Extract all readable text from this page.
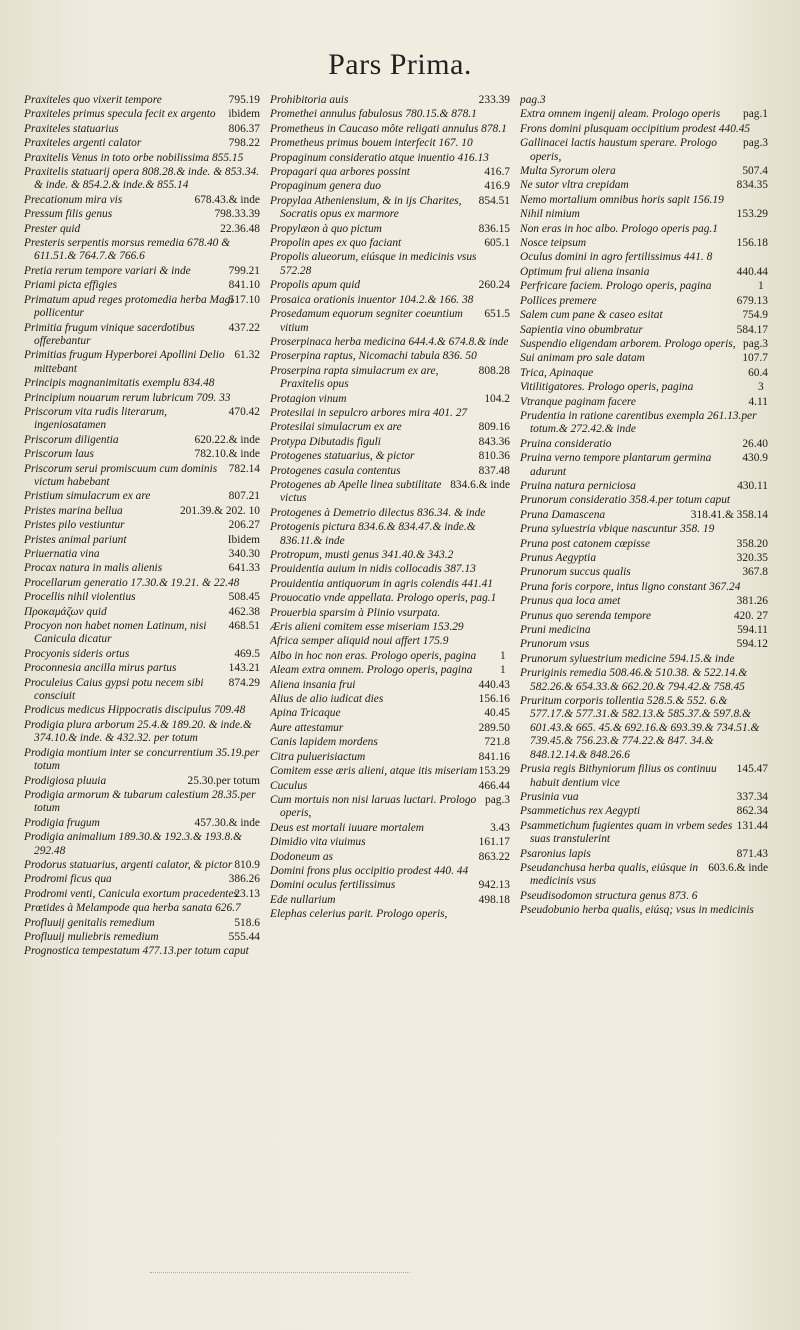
Pars Prima.
795.19
Praxiteles quo vixerit tempore
ibidem
Praxiteles primus specula fecit ex argento
806.37
Praxiteles statuarius
798.22
Praxiteles argenti calator
Praxitelis Venus in toto orbe nobilissima 855.15
Praxitelis statuarij opera 808.28.& inde. & 853.34. & inde. & 854.2.& inde.& 855.14
678.43.& inde
Precationum mira vis
798.33.39
Pressum filis genus
22.36.48
Prester quid
Presteris serpentis morsus remedia 678.40 & 611.51.& 764.7.& 766.6
799.21
Pretia rerum tempore variari & inde
841.10
Priami picta effigies
517.10
Primatum apud reges protomedia herba Magi pollicentur
437.22
Primitia frugum vinique sacerdotibus offerebantur
61.32
Primitias frugum Hyperborei Apollini Delio mittebant
Principis magnanimitatis exemplu 834.48
Principium nouarum rerum lubricum 709. 33
470.42
Priscorum vita rudis literarum, ingeniosatamen
620.22.& inde
Priscorum diligentia
782.10.& inde
Priscorum laus
782.14
Priscorum serui promiscuum cum dominis victum habebant
807.21
Pristium simulacrum ex are
201.39.& 202. 10
Pristes marina bellua
206.27
Pristes pilo vestiuntur
Ibidem
Pristes animal pariunt
340.30
Priuernatia vina
641.33
Procax natura in malis alienis
Procellarum generatio 17.30.& 19.21. & 22.48
508.45
Procellis nihil violentius
462.38
Προκαμάζων quid
468.51
Procyon non habet nomen Latinum, nisi Canicula dicatur
469.5
Procyonis sideris ortus
143.21
Proconnesia ancilla mirus partus
874.29
Proculeius Caius gypsi potu necem sibi consciuit
Prodicus medicus Hippocratis discipulus 709.48
Prodigia plura arborum 25.4.& 189.20. & inde.& 374.10.& inde. & 432.32. per totum
Prodigia montium inter se concurrentium 35.19.per totum
25.30.per totum
Prodigiosa pluuia
Prodigia armorum & tubarum calestium 28.35.per totum
457.30.& inde
Prodigia frugum
Prodigia animalium 189.30.& 192.3.& 193.8.& 292.48
810.9
Prodorus statuarius, argenti calator, & pictor
386.26
Prodromi ficus qua
23.13
Prodromi venti, Canicula exortum pracedentes
Prœtides à Melampode qua herba sanata 626.7
518.6
Profluuij genitalis remedium
555.44
Profluuij muliebris remedium
Prognostica tempestatum 477.13.per totum caput
233.39
Prohibitoria auis
Promethei annulus fabulosus 780.15.& 878.1
Prometheus in Caucaso môte religati annulus 878.1
Prometheus primus bouem interfecit 167. 10
Propaginum consideratio atque inuentio 416.13
416.7
Propagari qua arbores possint
416.9
Propaginum genera duo
854.51
Propylaa Atheniensium, & in ijs Charites, Socratis opus ex marmore
836.15
Propylæon à quo pictum
605.1
Propolin apes ex quo faciant
Propolis alueorum, eiúsque in medicinis vsus 572.28
260.24
Propolis apum quid
Prosaica orationis inuentor 104.2.& 166. 38
651.5
Prosedamum equorum segniter coeuntium vitium
Proserpinaca herba medicina 644.4.& 674.8.& inde
Proserpina raptus, Nicomachi tabula 836. 50
808.28
Proserpina rapta simulacrum ex are, Praxitelis opus
104.2
Protagion vinum
Protesilai in sepulcro arbores mira 401. 27
809.16
Protesilai simulacrum ex are
843.36
Protypa Dibutadis figuli
810.36
Protogenes statuarius, & pictor
837.48
Protogenes casula contentus
834.6.& inde
Protogenes ab Apelle linea subtilitate victus
Protogenes à Demetrio dilectus 836.34. & inde
Protogenis pictura 834.6.& 834.47.& inde.& 836.11.& inde
Protropum, musti genus 341.40.& 343.2
Prouidentia auium in nidis collocadis 387.13
Prouidentia antiquorum in agris colendis 441.41
Prouocatio vnde appellata. Prologo operis, pag.1
Prouerbia sparsim à Plinio vsurpata.
Æris alieni comitem esse miseriam 153.29
Africa semper aliquid noui affert 175.9
1
Albo in hoc non eras. Prologo operis, pagina
1
Aleam extra omnem. Prologo operis, pagina
440.43
Aliena insania frui
156.16
Alius de alio iudicat dies
40.45
Apina Tricaque
289.50
Aure attestamur
721.8
Canis lapidem mordens
841.16
Citra puluerisiactum
153.29
Comitem esse æris alieni, atque itis miseriam
466.44
Cuculus
pag.3
Cum mortuis non nisi laruas luctari. Prologo operis,
3.43
Deus est mortali iuuare mortalem
161.17
Dimidio vita viuimus
863.22
Dodoneum as
Domini frons plus occipitio prodest 440. 44
942.13
Domini oculus fertilissimus
498.18
Ede nullarium
Elephas celerius parit. Prologo operis,
pag.3
pag.1
Extra omnem ingenij aleam. Prologo operis
Frons domini plusquam occipitium prodest 440.45
pag.3
Gallinacei lactis haustum sperare. Prologo operis,
507.4
Multa Syrorum olera
834.35
Ne sutor vltra crepidam
Nemo mortalium omnibus horis sapit 156.19
153.29
Nihil nimium
Non eras in hoc albo. Prologo operis pag.1
156.18
Nosce teipsum
Oculus domini in agro fertilissimus 441. 8
440.44
Optimum frui aliena insania
1
Perfricare faciem. Prologo operis, pagina
679.13
Pollices premere
754.9
Salem cum pane & caseo esitat
584.17
Sapientia vino obumbratur
pag.3
Suspendio eligendam arborem. Prologo operis,
107.7
Sui animam pro sale datam
60.4
Trica, Apinaque
3
Vitilitigatores. Prologo operis, pagina
4.11
Vtranque paginam facere
Prudentia in ratione carentibus exempla 261.13.per totum.& 272.42.& inde
26.40
Pruina consideratio
430.9
Pruina verno tempore plantarum germina adurunt
430.11
Pruina natura perniciosa
Prunorum consideratio 358.4.per totum caput
318.41.& 358.14
Pruna Damascena
Pruna syluestria vbique nascuntur 358. 19
358.20
Pruna post catonem cœpisse
320.35
Prunus Aegyptia
367.8
Prunorum succus qualis
Pruna foris corpore, intus ligno constant 367.24
381.26
Prunus qua loca amet
420. 27
Prunus quo serenda tempore
594.11
Pruni medicina
594.12
Prunorum vsus
Prunorum syluestrium medicine 594.15.& inde
Pruriginis remedia 508.46.& 510.38. & 522.14.& 582.26.& 654.33.& 662.20.& 794.42.& 758.45
Pruritum corporis tollentia 528.5.& 552. 6.& 577.17.& 577.31.& 582.13.& 585.37.& 597.8.& 601.43.& 665. 45.& 692.16.& 693.39.& 734.51.& 739.45.& 756.23.& 774.22.& 847. 34.& 848.12.14.& 848.26.6
145.47
Prusia regis Bithyniorum filius os continuu habuit dentium vice
337.34
Prusinia vua
862.34
Psammetichus rex Aegypti
131.44
Psammetichum fugientes quam in vrbem sedes suas transtulerint
871.43
Psaronius lapis
603.6.& inde
Pseudanchusa herba qualis, eiúsque in medicinis vsus
Pseudisodomon structura genus 873. 6
Pseudobunio herba qualis, eiúsq; vsus in medicinis
